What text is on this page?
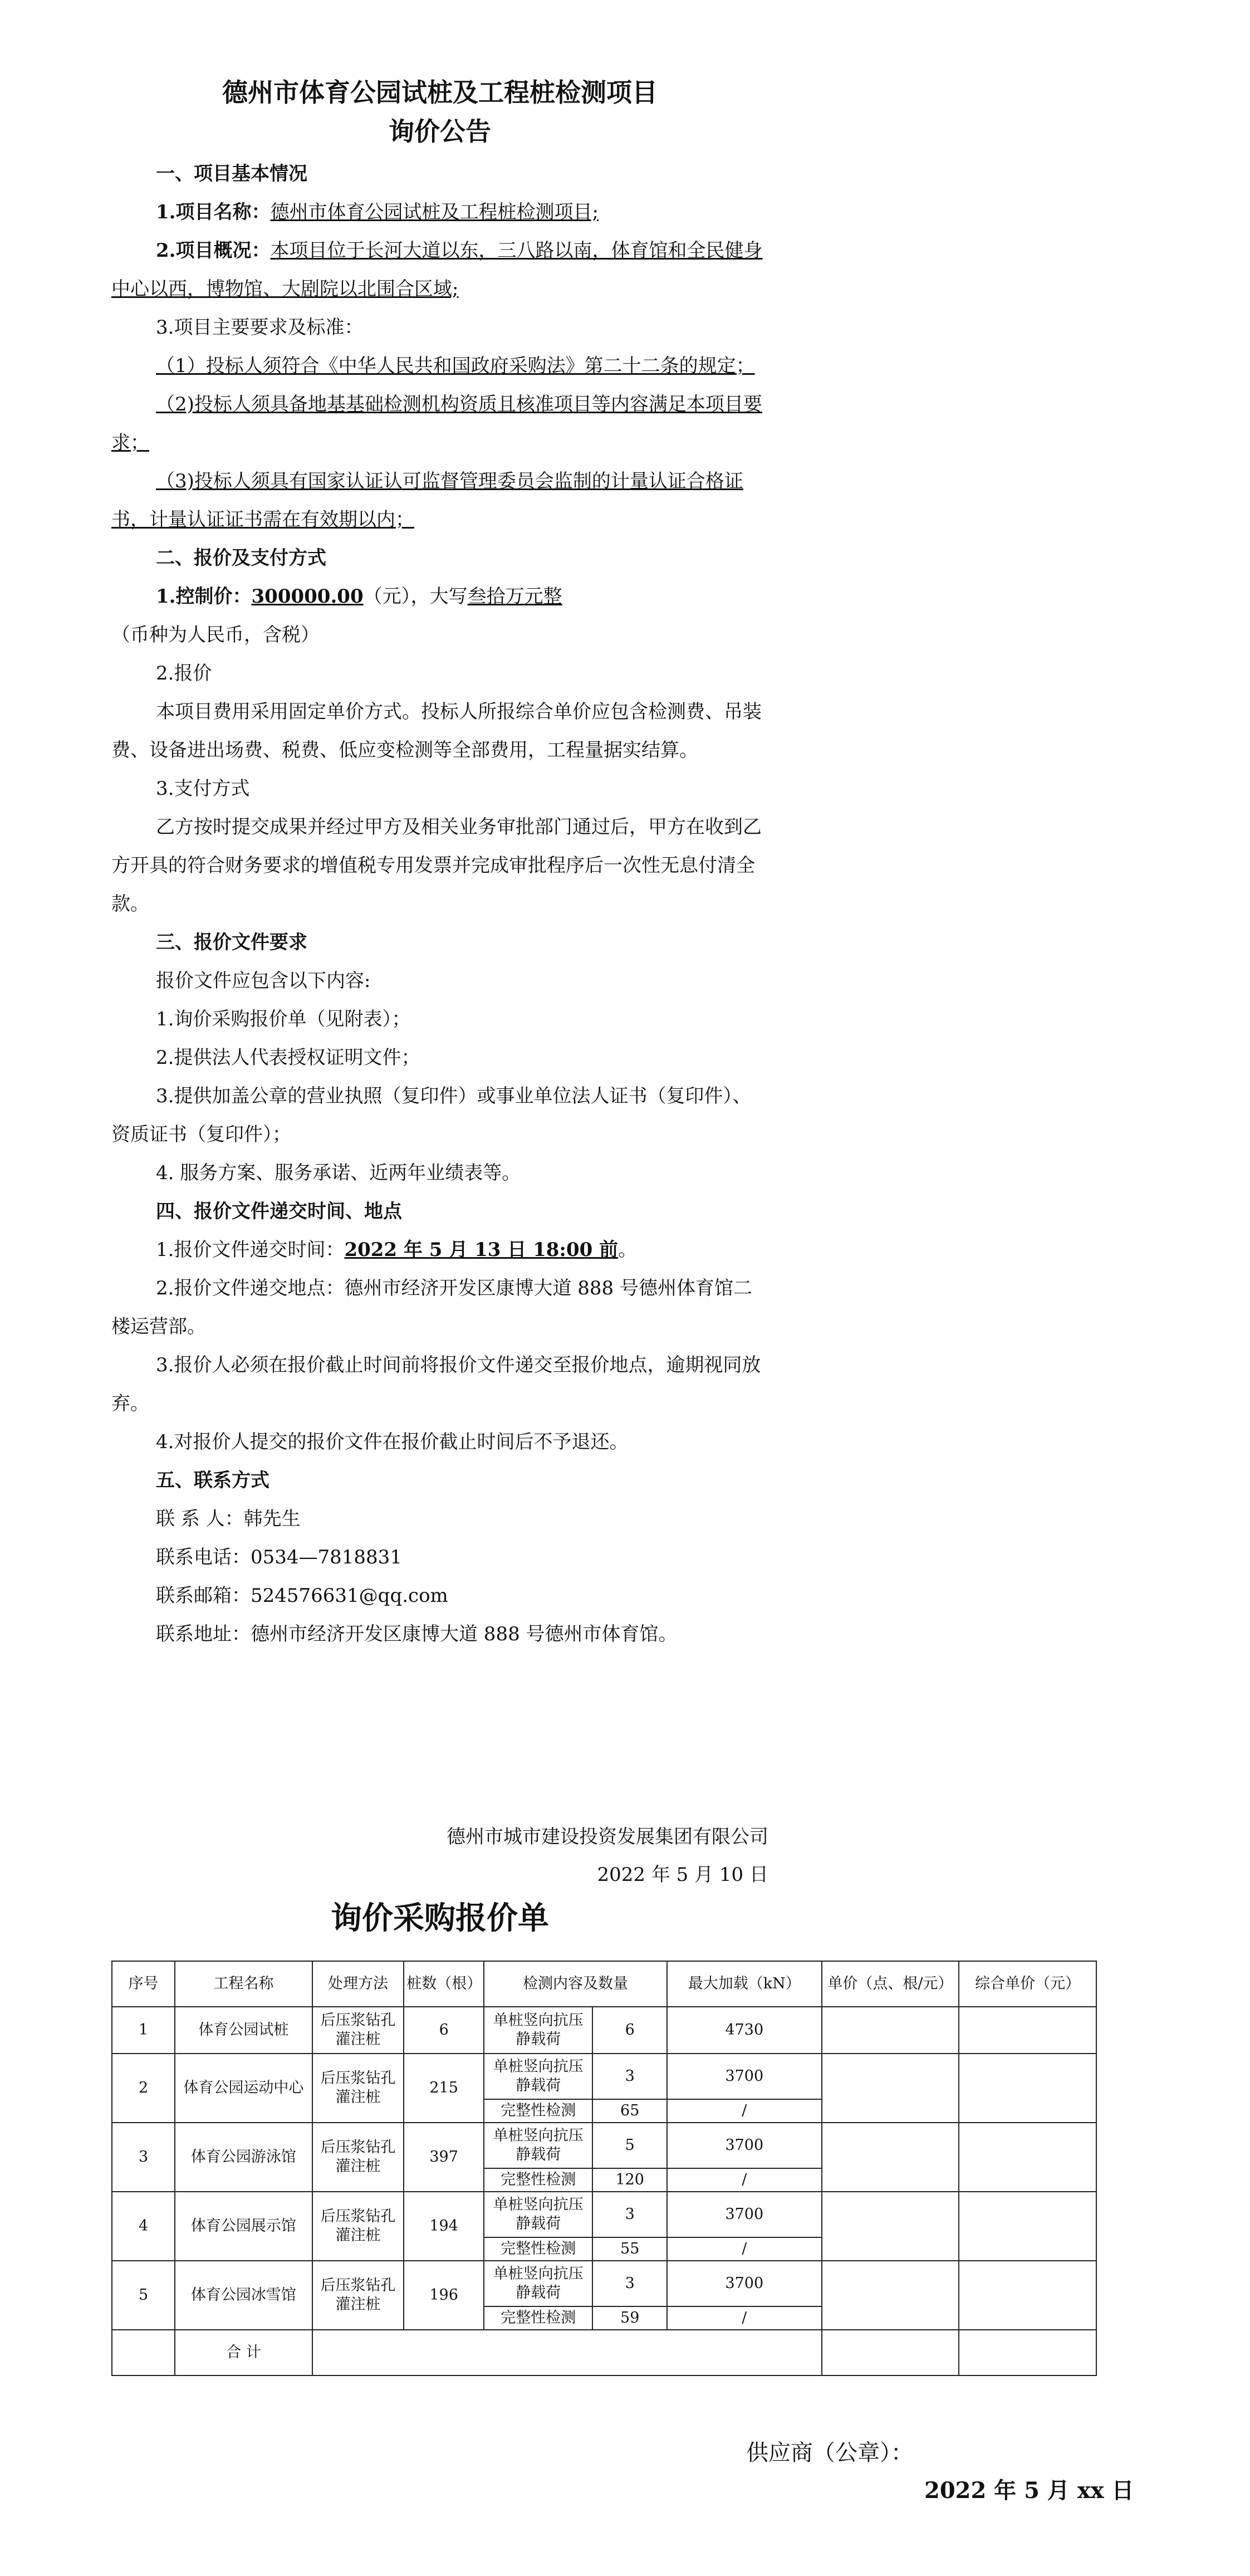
德州市体育公园试桩及工程桩检测项目
询价公告

一、项目基本情况

1.项目名称：德州市体育公园试桩及工程桩检测项目;

2.项目概况：本项目位于长河大道以东，三八路以南，体育馆和全民健身中心以西，博物馆、大剧院以北围合区域;

3.项目主要要求及标准：

（1）投标人须符合《中华人民共和国政府采购法》第二十二条的规定；

（2)投标人须具备地基基础检测机构资质且核准项目等内容满足本项目要求；

（3)投标人须具有国家认证认可监督管理委员会监制的计量认证合格证书，计量认证证书需在有效期以内；

二、报价及支付方式

1.控制价：300000.00（元），大写叁拾万元整（币种为人民币，含税）

2.报价

本项目费用采用固定单价方式。投标人所报综合单价应包含检测费、吊装费、设备进出场费、税费、低应变检测等全部费用，工程量据实结算。

3.支付方式

乙方按时提交成果并经过甲方及相关业务审批部门通过后，甲方在收到乙方开具的符合财务要求的增值税专用发票并完成审批程序后一次性无息付清全款。

三、报价文件要求

报价文件应包含以下内容:

1.询价采购报价单（见附表）；

2.提供法人代表授权证明文件；

3.提供加盖公章的营业执照（复印件）或事业单位法人证书（复印件）、资质证书（复印件）；

4. 服务方案、服务承诺、近两年业绩表等。

四、报价文件递交时间、地点

1.报价文件递交时间：2022 年 5 月 13 日 18:00 前。

2.报价文件递交地点：德州市经济开发区康博大道 888 号德州体育馆二楼运营部。

3.报价人必须在报价截止时间前将报价文件递交至报价地点，逾期视同放弃。

4.对报价人提交的报价文件在报价截止时间后不予退还。

五、联系方式

联 系 人：韩先生

联系电话：0534—7818831

联系邮箱：524576631@qq.com

联系地址：德州市经济开发区康博大道 888 号德州市体育馆。

德州市城市建设投资发展集团有限公司
2022 年 5 月 10 日
询价采购报价单
序号	工程名称	处理方法	桩数（根）	检测内容及数量		最大加载（kN）	单价（点、根/元）	综合单价（元）
1	体育公园试桩	后压浆钻孔灌注桩	6	单桩竖向抗压静载荷	6	4730		
2	体育公园运动中心	后压浆钻孔灌注桩	215	单桩竖向抗压静载荷	3	3700		
				完整性检测	65	/		
3	体育公园游泳馆	后压浆钻孔灌注桩	397	单桩竖向抗压静载荷	5	3700		
				完整性检测	120	/		
4	体育公园展示馆	后压浆钻孔灌注桩	194	单桩竖向抗压静载荷	3	3700		
				完整性检测	55	/		
5	体育公园冰雪馆	后压浆钻孔灌注桩	196	单桩竖向抗压静载荷	3	3700		
				完整性检测	59	/		
	合 计							
供应商（公章）：
2022 年 5 月 xx 日
